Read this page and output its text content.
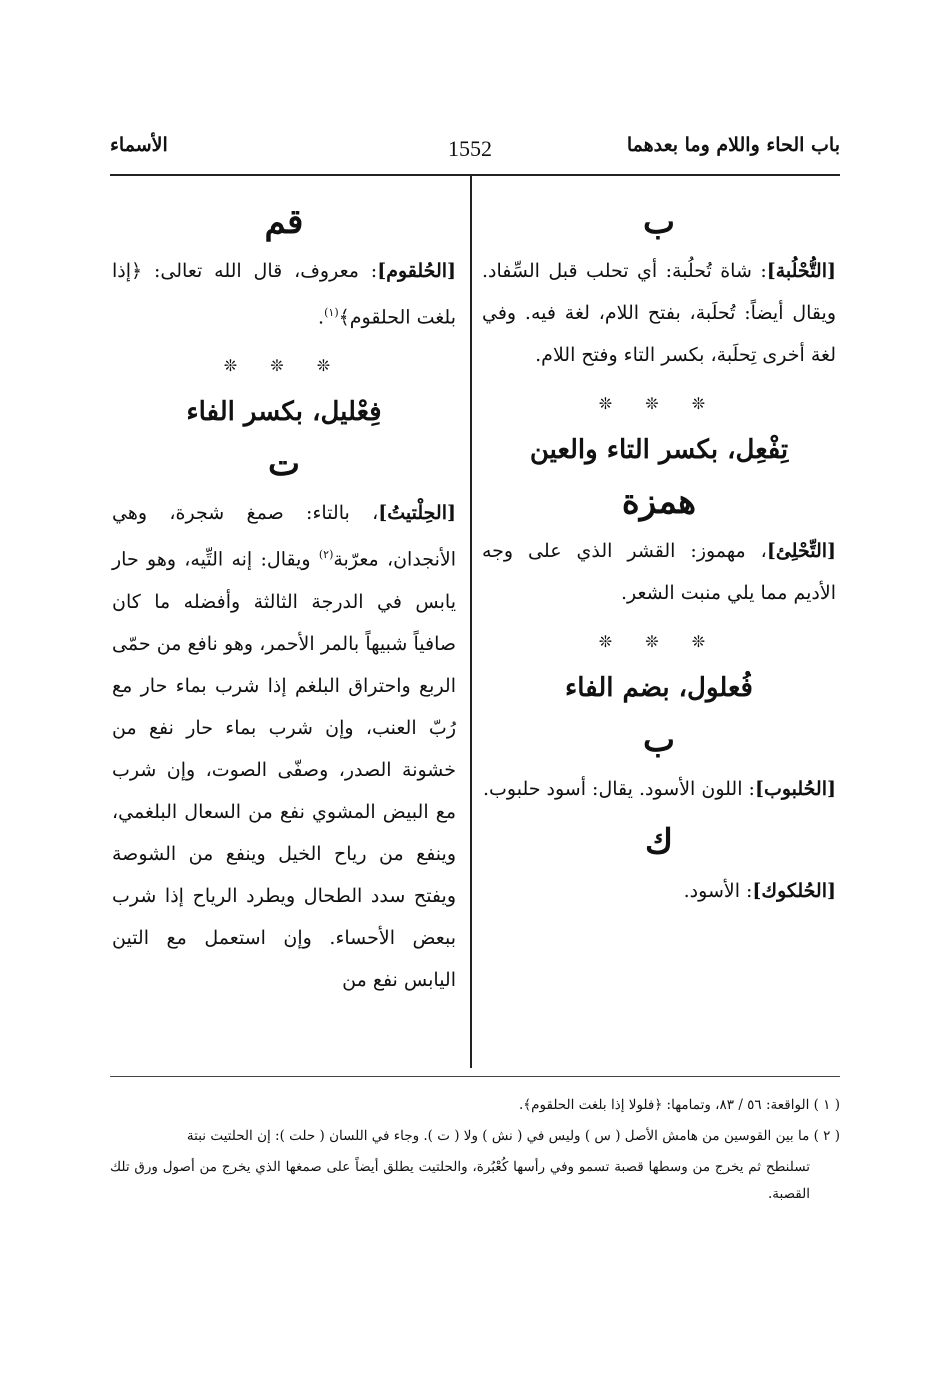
باب الحاء واللام وما بعدهما
1552
الأسماء
ب

[التُّحْلُبة]: شاة تُحلُبة: أي تحلب قبل السِّفاد. ويقال أيضاً: تُحلَبة، بفتح اللام، لغة فيه. وفي لغة أخرى تِحلَبة، بكسر التاء وفتح اللام.

❊ ❊ ❊
تِفْعِل، بكسر التاء والعين
همزة

[التِّحْلِئ]، مهموز: القشر الذي على وجه الأديم مما يلي منبت الشعر.

❊ ❊ ❊
فُعلول، بضم الفاء
ب

[الحُلبوب]: اللون الأسود. يقال: أسود حلبوب.

ك

[الحُلكوك]: الأسود.

قم

[الحُلقوم]: معروف، قال الله تعالى: ﴿إذا بلغت الحلقوم﴾$^{(١)}$.

❊ ❊ ❊
فِعْليل، بكسر الفاء
ت

[الحِلْتيتُ]، بالتاء: صمغ شجرة، وهي الأنجدان، معرّبة$^{(٢)}$ ويقال: إنه التِّيه، وهو حار يابس في الدرجة الثالثة وأفضله ما كان صافياً شبيهاً بالمر الأحمر، وهو نافع من حمّى الربع واحتراق البلغم إذا شرب بماء حار مع رُبّ العنب، وإن شرب بماء حار نفع من خشونة الصدر، وصفّى الصوت، وإن شرب مع البيض المشوي نفع من السعال البلغمي، وينفع من رياح الخيل وينفع من الشوصة ويفتح سدد الطحال ويطرد الرياح إذا شرب ببعض الأحساء. وإن استعمل مع التين اليابس نفع من

( ١ ) الواقعة: ٥٦ / ٨٣، وتمامها: ﴿فلولا إذا بلغت الحلقوم﴾.

( ٢ ) ما بين القوسين من هامش الأصل ( س ) وليس في ( نش ) ولا ( ت ). وجاء في اللسان ( حلت ): إن الحلتيت نبتة

تسلنطح ثم يخرج من وسطها قصبة تسمو وفي رأسها كُعْبُرة، والحلتيت يطلق أيضاً على صمغها الذي يخرج من أصول ورق تلك القصبة.
